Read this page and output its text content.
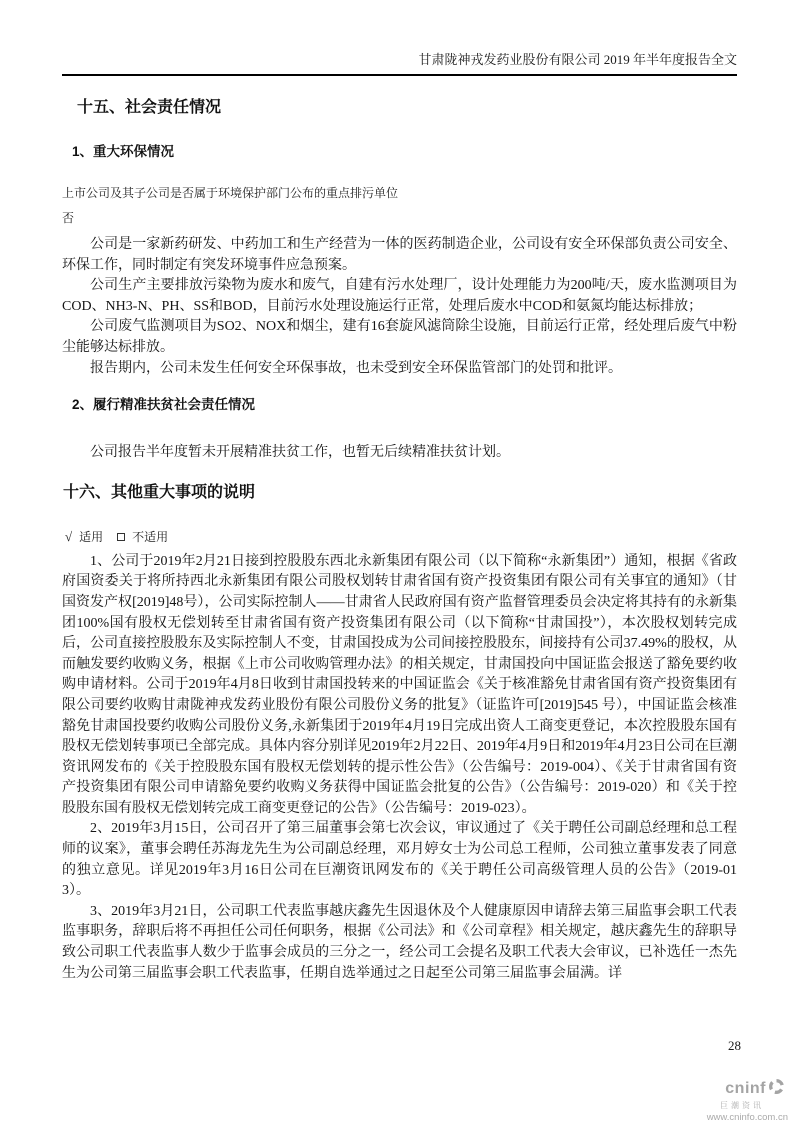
甘肃陇神戎发药业股份有限公司 2019 年半年度报告全文
十五、社会责任情况
1、重大环保情况
上市公司及其子公司是否属于环境保护部门公布的重点排污单位
否

公司是一家新药研发、中药加工和生产经营为一体的医药制造企业，公司设有安全环保部负责公司安全、环保工作，同时制定有突发环境事件应急预案。

公司生产主要排放污染物为废水和废气，自建有污水处理厂，设计处理能力为200吨/天，废水监测项目为COD、NH3-N、PH、SS和BOD，目前污水处理设施运行正常，处理后废水中COD和氨氮均能达标排放；

公司废气监测项目为SO2、NOX和烟尘，建有16套旋风滤筒除尘设施，目前运行正常，经处理后废气中粉尘能够达标排放。

报告期内，公司未发生任何安全环保事故，也未受到安全环保监管部门的处罚和批评。

2、履行精准扶贫社会责任情况

公司报告半年度暂未开展精准扶贫工作，也暂无后续精准扶贫计划。

十六、其他重大事项的说明
√ 适用 不适用

1、公司于2019年2月21日接到控股股东西北永新集团有限公司（以下简称“永新集团”）通知，根据《省政府国资委关于将所持西北永新集团有限公司股权划转甘肃省国有资产投资集团有限公司有关事宜的通知》（甘国资发产权[2019]48号），公司实际控制人——甘肃省人民政府国有资产监督管理委员会决定将其持有的永新集团100%国有股权无偿划转至甘肃省国有资产投资集团有限公司（以下简称“甘肃国投”），本次股权划转完成后，公司直接控股股东及实际控制人不变，甘肃国投成为公司间接控股股东，间接持有公司37.49%的股权，从而触发要约收购义务，根据《上市公司收购管理办法》的相关规定，甘肃国投向中国证监会报送了豁免要约收购申请材料。公司于2019年4月8日收到甘肃国投转来的中国证监会《关于核准豁免甘肃省国有资产投资集团有限公司要约收购甘肃陇神戎发药业股份有限公司股份义务的批复》（证监许可[2019]545 号），中国证监会核准豁免甘肃国投要约收购公司股份义务,永新集团于2019年4月19日完成出资人工商变更登记，本次控股股东国有股权无偿划转事项已全部完成。具体内容分别详见2019年2月22日、2019年4月9日和2019年4月23日公司在巨潮资讯网发布的《关于控股股东国有股权无偿划转的提示性公告》（公告编号：2019-004）、《关于甘肃省国有资产投资集团有限公司申请豁免要约收购义务获得中国证监会批复的公告》（公告编号：2019-020）和《关于控股股东国有股权无偿划转完成工商变更登记的公告》（公告编号：2019-023）。

2、2019年3月15日，公司召开了第三届董事会第七次会议，审议通过了《关于聘任公司副总经理和总工程师的议案》，董事会聘任苏海龙先生为公司副总经理，邓月婷女士为公司总工程师，公司独立董事发表了同意的独立意见。详见2019年3月16日公司在巨潮资讯网发布的《关于聘任公司高级管理人员的公告》（2019-013）。

3、2019年3月21日，公司职工代表监事越庆鑫先生因退休及个人健康原因申请辞去第三届监事会职工代表监事职务，辞职后将不再担任公司任何职务，根据《公司法》和《公司章程》相关规定，越庆鑫先生的辞职导致公司职工代表监事人数少于监事会成员的三分之一，经公司工会提名及职工代表大会审议，已补选任一杰先生为公司第三届监事会职工代表监事，任期自选举通过之日起至公司第三届监事会届满。详

28
cninf
巨潮资讯
www.cninfo.com.cn
